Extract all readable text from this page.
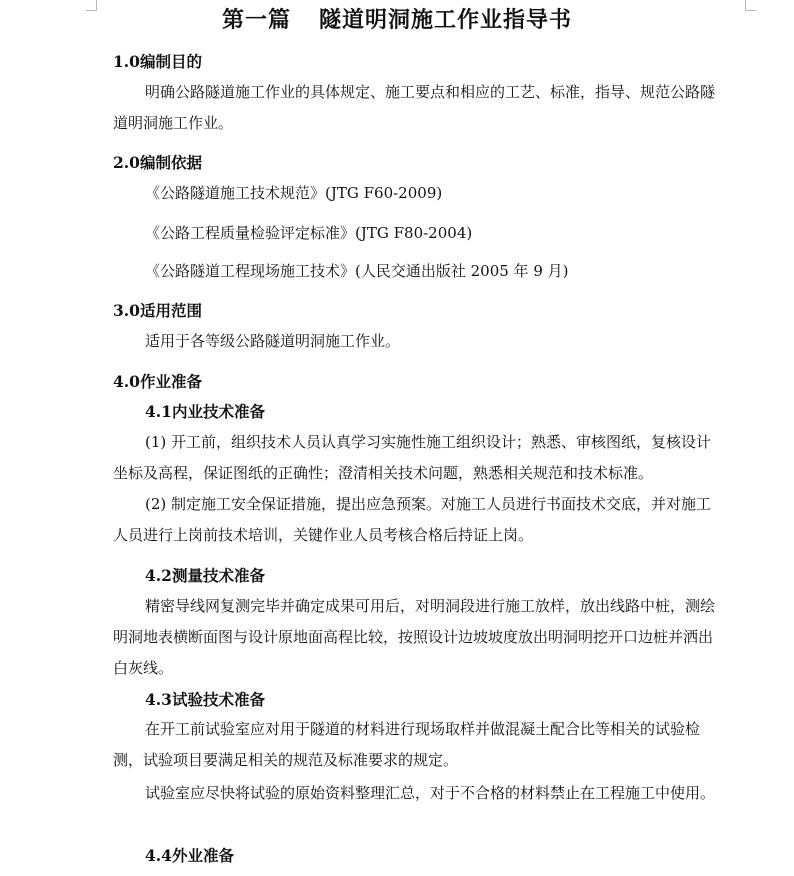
第一篇 隧道明洞施工作业指导书
1.0编制目的
明确公路隧道施工作业的具体规定、施工要点和相应的工艺、标准，指导、规范公路隧道明洞施工作业。
2.0编制依据
《公路隧道施工技术规范》(JTG F60-2009)
《公路工程质量检验评定标准》(JTG F80-2004)
《公路隧道工程现场施工技术》(人民交通出版社 2005 年 9 月)
3.0适用范围
适用于各等级公路隧道明洞施工作业。
4.0作业准备
4.1内业技术准备
(1) 开工前，组织技术人员认真学习实施性施工组织设计；熟悉、审核图纸，复核设计坐标及高程，保证图纸的正确性；澄清相关技术问题，熟悉相关规范和技术标准。
(2) 制定施工安全保证措施，提出应急预案。对施工人员进行书面技术交底，并对施工人员进行上岗前技术培训，关键作业人员考核合格后持证上岗。
4.2测量技术准备
精密导线网复测完毕并确定成果可用后，对明洞段进行施工放样，放出线路中桩，测绘明洞地表横断面图与设计原地面高程比较，按照设计边坡坡度放出明洞明挖开口边桩并洒出白灰线。
4.3试验技术准备
在开工前试验室应对用于隧道的材料进行现场取样并做混凝土配合比等相关的试验检测，试验项目要满足相关的规范及标准要求的规定。
试验室应尽快将试验的原始资料整理汇总，对于不合格的材料禁止在工程施工中使用。
4.4外业准备
